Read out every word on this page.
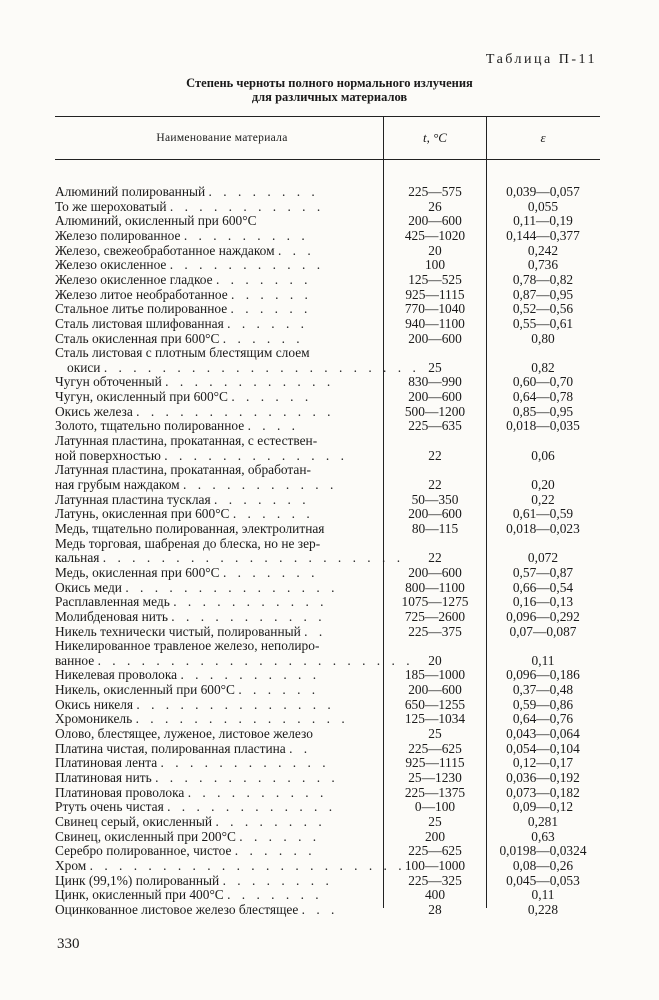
Таблица П-11
Степень черноты полного нормального излучения
для различных материалов
Наименование материала	t, °С	ε
Алюминий полированный . . . . . . . .	225—575	0,039—0,057
То же шероховатый . . . . . . . . . . .	26	0,055
Алюминий, окисленный при 600°С	200—600	0,11—0,19
Железо полированное . . . . . . . . .	425—1020	0,144—0,377
Железо, свежеобработанное наждаком . . .	20	0,242
Железо окисленное . . . . . . . . . . .	100	0,736
Железо окисленное гладкое . . . . . . .	125—525	0,78—0,82
Железо литое необработанное . . . . . .	925—1115	0,87—0,95
Стальное литье полированное . . . . . .	770—1040	0,52—0,56
Сталь листовая шлифованная . . . . . .	940—1100	0,55—0,61
Сталь окисленная при 600°С . . . . . .	200—600	0,80
Сталь листовая с плотным блестящим слоем
окиси . . . . . . . . . . . . . . . . . . . . . . 25	0,82
Чугун обточенный . . . . . . . . . . . .	830—990	0,60—0,70
Чугун, окисленный при 600°С . . . . . .	200—600	0,64—0,78
Окись железа . . . . . . . . . . . . . .	500—1200	0,85—0,95
Золото, тщательно полированное . . . .	225—635	0,018—0,035
Латунная пластина, прокатанная, с естествен-
ной поверхностью . . . . . . . . . . . . .	22	0,06
Латунная пластина, прокатанная, обработан-
ная грубым наждаком . . . . . . . . . . .	22	0,20
Латунная пластина тусклая . . . . . . .	50—350	0,22
Латунь, окисленная при 600°С . . . . . .	200—600	0,61—0,59
Медь, тщательно полированная, электролитная	80—115	0,018—0,023
Медь торговая, шабреная до блеска, но не зер-
кальная . . . . . . . . . . . . . . . . . . . . .	22	0,072
Медь, окисленная при 600°С . . . . . . .	200—600	0,57—0,87
Окись меди . . . . . . . . . . . . . . .	800—1100	0,66—0,54
Расплавленная медь . . . . . . . . . . .	1075—1275	0,16—0,13
Молибденовая нить . . . . . . . . . . .	725—2600	0,096—0,292
Никель технически чистый, полированный . .	225—375	0,07—0,087
Никелированное травленое железо, неполиро-
ванное . . . . . . . . . . . . . . . . . . . . . .	20	0,11
Никелевая проволока . . . . . . . . . .	185—1000	0,096—0,186
Никель, окисленный при 600°С . . . . . .	200—600	0,37—0,48
Окись никеля . . . . . . . . . . . . . .	650—1255	0,59—0,86
Хромоникель . . . . . . . . . . . . . . .	125—1034	0,64—0,76
Олово, блестящее, луженое, листовое железо	25	0,043—0,064
Платина чистая, полированная пластина . .	225—625	0,054—0,104
Платиновая лента . . . . . . . . . . . .	925—1115	0,12—0,17
Платиновая нить . . . . . . . . . . . . .	25—1230	0,036—0,192
Платиновая проволока . . . . . . . . . .	225—1375	0,073—0,182
Ртуть очень чистая . . . . . . . . . . . .	0—100	0,09—0,12
Свинец серый, окисленный . . . . . . . .	25	0,281
Свинец, окисленный при 200°С . . . . . .	200	0,63
Серебро полированное, чистое . . . . . .	225—625	0,0198—0,0324
Хром . . . . . . . . . . . . . . . . . . . . . . 100—1000	0,08—0,26
Цинк (99,1%) полированный . . . . . . . .	225—325	0,045—0,053
Цинк, окисленный при 400°С . . . . . . .	400	0,11
Оцинкованное листовое железо блестящее . . .	28	0,228
330
